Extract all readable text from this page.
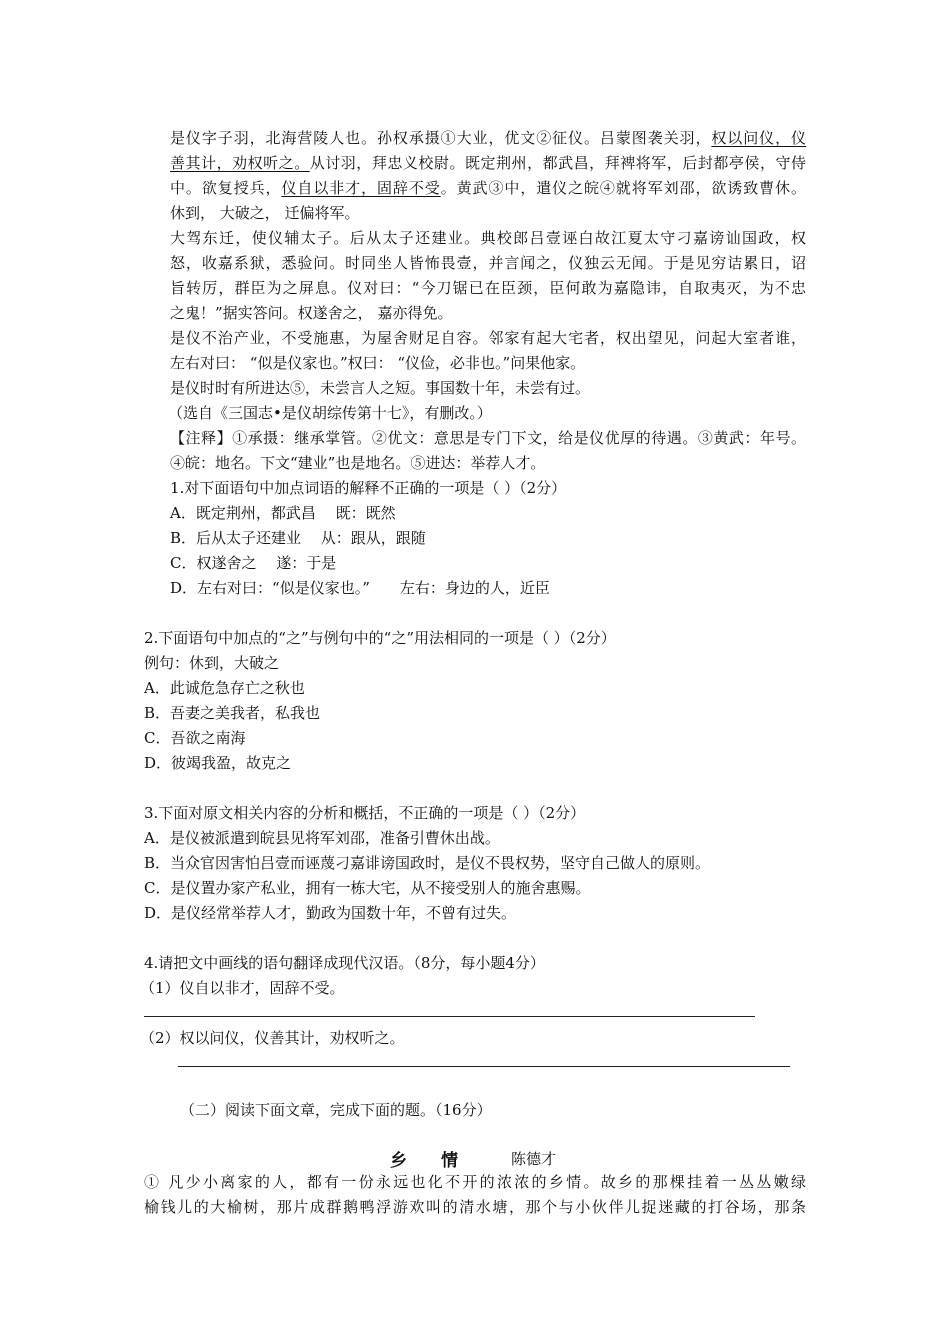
是仪字子羽，北海营陵人也。孙权承摄①大业，优文②征仪。吕蒙图袭关羽，权以问仪，仪
善其计，劝权听之。从讨羽，拜忠义校尉。既定荆州，都武昌，拜裨将军，后封都亭侯，守侍
中。欲复授兵，仪自以非才，固辞不受。黄武③中，遣仪之皖④就将军刘邵，欲诱致曹休。
休到， 大破之， 迁偏将军。
大驾东迁，使仪辅太子。后从太子还建业。典校郎吕壹诬白故江夏太守刁嘉谤讪国政，权
怒，收嘉系狱，悉验问。时同坐人皆怖畏壹，并言闻之，仪独云无闻。于是见穷诘累日，诏
旨转厉，群臣为之屏息。仪对曰：“今刀锯已在臣颈，臣何敢为嘉隐讳，自取夷灭，为不忠
之鬼！”据实答问。权遂舍之， 嘉亦得免。
是仪不治产业，不受施惠，为屋舍财足自容。邻家有起大宅者，权出望见，问起大室者谁，
左右对曰： “似是仪家也。”权曰： “仪俭，必非也。”问果他家。
是仪时时有所进达⑤，未尝言人之短。事国数十年，未尝有过。
（选自《三国志•是仪胡综传第十七》，有删改。）
【注释】①承摄：继承掌管。②优文：意思是专门下文，给是仪优厚的待遇。③黄武：年号。
④皖：地名。下文“建业”也是地名。⑤进达：举荐人才。
1.对下面语句中加点词语的解释不正确的一项是（ ）（2分）
A．既定荆州，都武昌　 既：既然
B．后从太子还建业　 从：跟从，跟随
C．权遂舍之　 遂：于是
D．左右对曰：“似是仪家也。”　　左右：身边的人，近臣
2.下面语句中加点的“之”与例句中的“之”用法相同的一项是（ ）（2分）
例句：休到，大破之
A．此诚危急存亡之秋也
B．吾妻之美我者，私我也
C．吾欲之南海
D．彼竭我盈，故克之
3.下面对原文相关内容的分析和概括，不正确的一项是（ ）（2分）
A．是仪被派遣到皖县见将军刘邵，准备引曹休出战。
B．当众官因害怕吕壹而诬蔑刁嘉诽谤国政时，是仪不畏权势，坚守自己做人的原则。
C．是仪置办家产私业，拥有一栋大宅，从不接受别人的施舍惠赐。
D．是仪经常举荐人才，勤政为国数十年，不曾有过失。
4.请把文中画线的语句翻译成现代汉语。（8分，每小题4分）
（1）仪自以非才，固辞不受。
（2）权以问仪，仪善其计，劝权听之。
（二）阅读下面文章，完成下面的题。（16分）
乡　　情	陈德才
① 凡少小离家的人，都有一份永远也化不开的浓浓的乡情。故乡的那棵挂着一丛丛嫩绿
榆钱儿的大榆树，那片成群鹅鸭浮游欢叫的清水塘，那个与小伙伴儿捉迷藏的打谷场，那条
